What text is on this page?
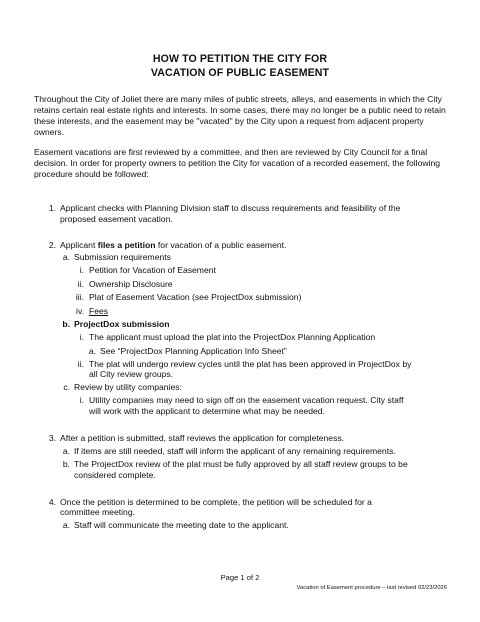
HOW TO PETITION THE CITY FOR
VACATION OF PUBLIC EASEMENT
Throughout the City of Joliet there are many miles of public streets, alleys, and easements in which the City retains certain real estate rights and interests. In some cases, there may no longer be a public need to retain these interests, and the easement may be "vacated" by the City upon a request from adjacent property owners.
Easement vacations are first reviewed by a committee, and then are reviewed by City Council for a final decision. In order for property owners to petition the City for vacation of a recorded easement, the following procedure should be followed:
1. Applicant checks with Planning Division staff to discuss requirements and feasibility of the
proposed easement vacation.
2. Applicant files a petition for vacation of a public easement.
a. Submission requirements
i. Petition for Vacation of Easement
ii. Ownership Disclosure
iii. Plat of Easement Vacation (see ProjectDox submission)
iv. Fees
b. ProjectDox submission
i. The applicant must upload the plat into the ProjectDox Planning Application
a. See “ProjectDox Planning Application Info Sheet”
ii. The plat will undergo review cycles until the plat has been approved in ProjectDox by
all City review groups.
c. Review by utility companies:
i. Utility companies may need to sign off on the easement vacation request. City staff
will work with the applicant to determine what may be needed.
3. After a petition is submitted, staff reviews the application for completeness.
a. If items are still needed, staff will inform the applicant of any remaining requirements.
b. The ProjectDox review of the plat must be fully approved by all staff review groups to be
considered complete.
4. Once the petition is determined to be complete, the petition will be scheduled for a
committee meeting.
a. Staff will communicate the meeting date to the applicant.
Page 1 of 2
Vacation of Easement procedure – last revised 02/23/2026
